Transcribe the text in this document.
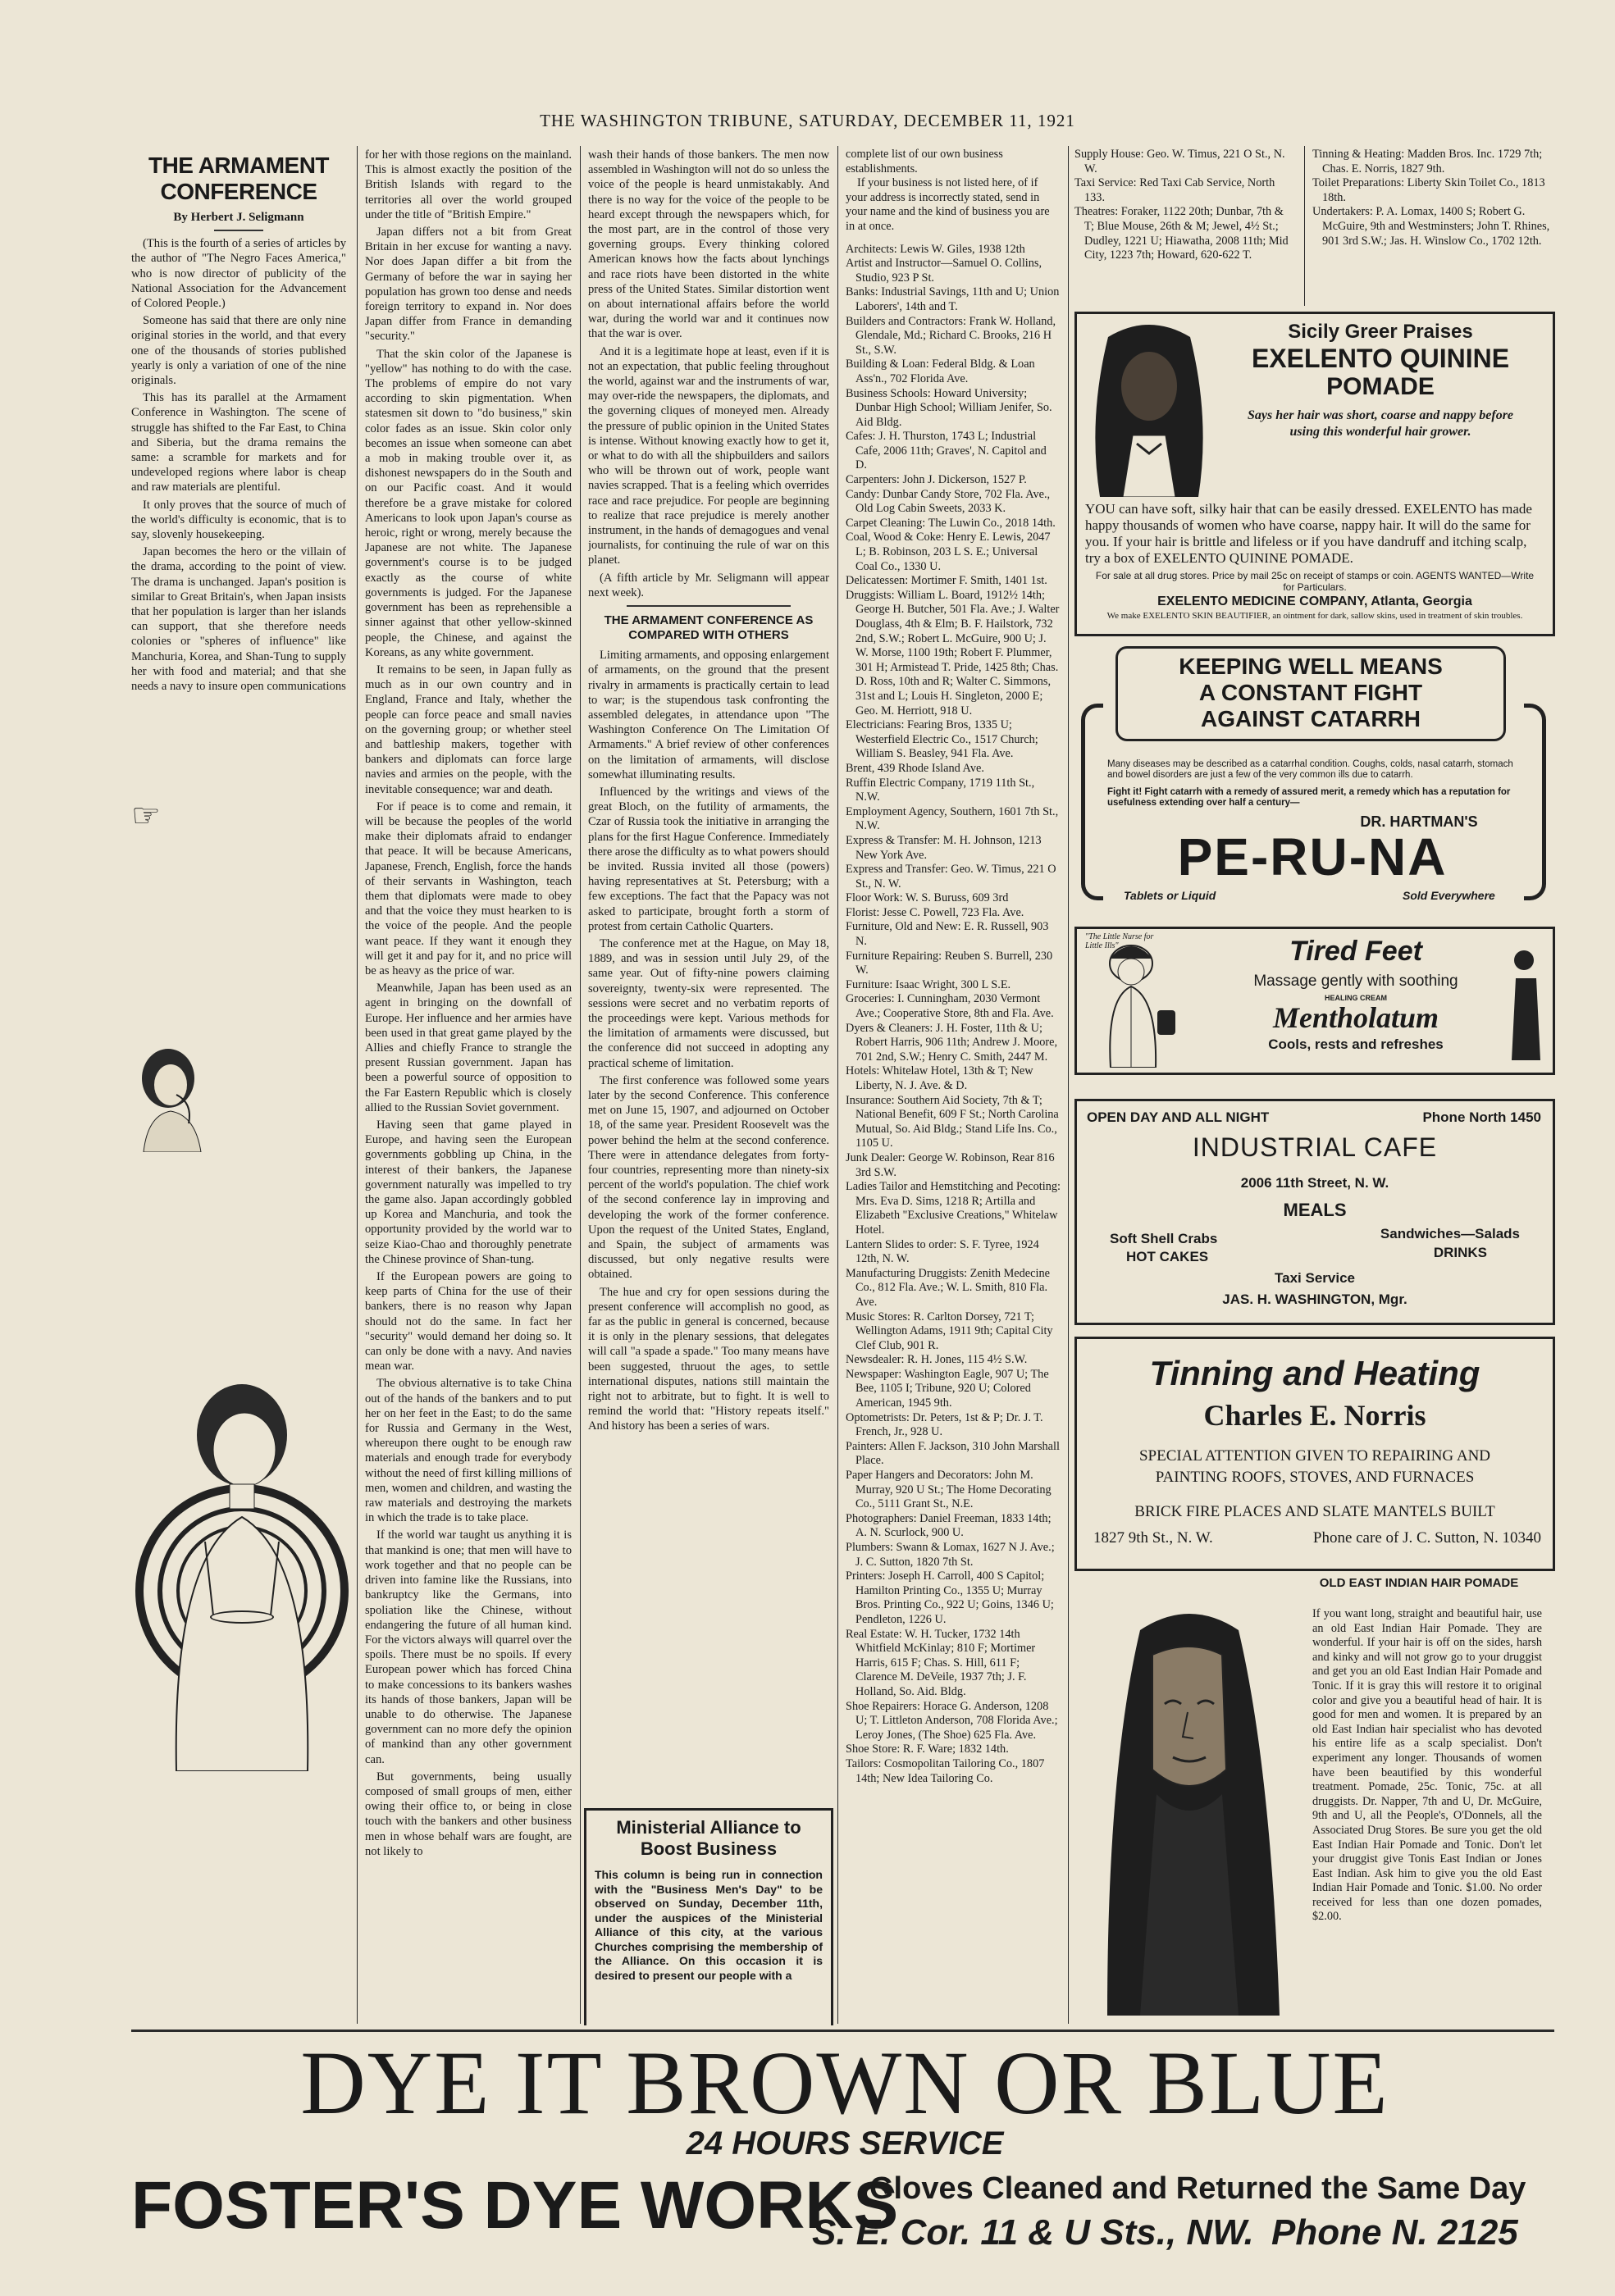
THE WASHINGTON TRIBUNE, SATURDAY, DECEMBER 11, 1921
THE ARMAMENT CONFERENCE
By Herbert J. Seligmann

(This is the fourth of a series of articles by the author of "The Negro Faces America," who is now director of publicity of the National Association for the Advancement of Colored People.)

Someone has said that there are only nine original stories in the world, and that every one of the thousands of stories published yearly is only a variation of one of the nine originals.

This has its parallel at the Armament Conference in Washington. The scene of struggle has shifted to the Far East, to China and Siberia, but the drama remains the same: a scramble for markets and for undeveloped regions where labor is cheap and raw materials are plentiful.

It only proves that the source of much of the world's difficulty is economic, that is to say, slovenly housekeeping.

Japan becomes the hero or the villain of the drama, according to the point of view. The drama is unchanged. Japan's position is similar to Great Britain's, when Japan insists that her population is larger than her islands can support, that she therefore needs colonies or "spheres of influence" like Manchuria, Korea, and Shan-Tung to supply her with food and material; and that she needs a navy to insure open communications

☞

for her with those regions on the mainland. This is almost exactly the position of the British Islands with regard to the territories all over the world grouped under the title of "British Empire."

Japan differs not a bit from Great Britain in her excuse for wanting a navy. Nor does Japan differ a bit from the Germany of before the war in saying her population has grown too dense and needs foreign territory to expand in. Nor does Japan differ from France in demanding "security."

That the skin color of the Japanese is "yellow" has nothing to do with the case. The problems of empire do not vary according to skin pigmentation. When statesmen sit down to "do business," skin color fades as an issue. Skin color only becomes an issue when someone can abet a mob in making trouble over it, as dishonest newspapers do in the South and on our Pacific coast. And it would therefore be a grave mistake for colored Americans to look upon Japan's course as heroic, right or wrong, merely because the Japanese are not white. The Japanese government's course is to be judged exactly as the course of white governments is judged. For the Japanese government has been as reprehensible a sinner against that other yellow-skinned people, the Chinese, and against the Koreans, as any white government.

It remains to be seen, in Japan fully as much as in our own country and in England, France and Italy, whether the people can force peace and small navies on the governing group; or whether steel and battleship makers, together with bankers and diplomats can force large navies and armies on the people, with the inevitable consequence; war and death.

For if peace is to come and remain, it will be because the peoples of the world make their diplomats afraid to endanger that peace. It will be because Americans, Japanese, French, English, force the hands of their servants in Washington, teach them that diplomats were made to obey and that the voice they must hearken to is the voice of the people. And the people want peace. If they want it enough they will get it and pay for it, and no price will be as heavy as the price of war.

Meanwhile, Japan has been used as an agent in bringing on the downfall of Europe. Her influence and her armies have been used in that great game played by the Allies and chiefly France to strangle the present Russian government. Japan has been a powerful source of opposition to the Far Eastern Republic which is closely allied to the Russian Soviet government.

Having seen that game played in Europe, and having seen the European governments gobbling up China, in the interest of their bankers, the Japanese government naturally was impelled to try the game also. Japan accordingly gobbled up Korea and Manchuria, and took the opportunity provided by the world war to seize Kiao-Chao and thoroughly penetrate the Chinese province of Shan-tung.

If the European powers are going to keep parts of China for the use of their bankers, there is no reason why Japan should not do the same. In fact her "security" would demand her doing so. It can only be done with a navy. And navies mean war.

The obvious alternative is to take China out of the hands of the bankers and to put her on her feet in the East; to do the same for Russia and Germany in the West, whereupon there ought to be enough raw materials and enough trade for everybody without the need of first killing millions of men, women and children, and wasting the raw materials and destroying the markets in which the trade is to take place.

If the world war taught us anything it is that mankind is one; that men will have to work together and that no people can be driven into famine like the Russians, into bankruptcy like the Germans, into spoliation like the Chinese, without endangering the future of all human kind. For the victors always will quarrel over the spoils. There must be no spoils. If every European power which has forced China to make concessions to its bankers washes its hands of those bankers, Japan will be unable to do otherwise. The Japanese government can no more defy the opinion of mankind than any other government can.

But governments, being usually composed of small groups of men, either owing their office to, or being in close touch with the bankers and other business men in whose behalf wars are fought, are not likely to

wash their hands of those bankers. The men now assembled in Washington will not do so unless the voice of the people is heard unmistakably. And there is no way for the voice of the people to be heard except through the newspapers which, for the most part, are in the control of those very governing groups. Every thinking colored American knows how the facts about lynchings and race riots have been distorted in the white press of the United States. Similar distortion went on about international affairs before the world war, during the world war and it continues now that the war is over.

And it is a legitimate hope at least, even if it is not an expectation, that public feeling throughout the world, against war and the instruments of war, may over-ride the newspapers, the diplomats, and the governing cliques of moneyed men. Already the pressure of public opinion in the United States is intense. Without knowing exactly how to get it, or what to do with all the shipbuilders and sailors who will be thrown out of work, people want navies scrapped. That is a feeling which overrides race and race prejudice. For people are beginning to realize that race prejudice is merely another instrument, in the hands of demagogues and venal journalists, for continuing the rule of war on this planet.

(A fifth article by Mr. Seligmann will appear next week).

THE ARMAMENT CONFERENCE AS COMPARED WITH OTHERS

Limiting armaments, and opposing enlargement of armaments, on the ground that the present rivalry in armaments is practically certain to lead to war; is the stupendous task confronting the assembled delegates, in attendance upon "The Washington Conference On The Limitation Of Armaments." A brief review of other conferences on the limitation of armaments, will disclose somewhat illuminating results.

Influenced by the writings and views of the great Bloch, on the futility of armaments, the Czar of Russia took the initiative in arranging the plans for the first Hague Conference. Immediately there arose the difficulty as to what powers should be invited. Russia invited all those (powers) having representatives at St. Petersburg; with a few exceptions. The fact that the Papacy was not asked to participate, brought forth a storm of protest from certain Catholic Quarters.

The conference met at the Hague, on May 18, 1889, and was in session until July 29, of the same year. Out of fifty-nine powers claiming sovereignty, twenty-six were represented. The sessions were secret and no verbatim reports of the proceedings were kept. Various methods for the limitation of armaments were discussed, but the conference did not succeed in adopting any practical scheme of limitation.

The first conference was followed some years later by the second Conference. This conference met on June 15, 1907, and adjourned on October 18, of the same year. President Roosevelt was the power behind the helm at the second conference. There were in attendance delegates from forty-four countries, representing more than ninety-six percent of the world's population. The chief work of the second conference lay in improving and developing the work of the former conference. Upon the request of the United States, England, and Spain, the subject of armaments was discussed, but only negative results were obtained.

The hue and cry for open sessions during the present conference will accomplish no good, as far as the public in general is concerned, because it is only in the plenary sessions, that delegates will call "a spade a spade." Too many means have been suggested, thruout the ages, to settle international disputes, nations still maintain the right not to arbitrate, but to fight. It is well to remind the world that: "History repeats itself." And history has been a series of wars.

Ministerial Alliance to Boost Business
This column is being run in connection with the "Business Men's Day" to be observed on Sunday, December 11th, under the auspices of the Ministerial Alliance of this city, at the various Churches comprising the membership of the Alliance. On this occasion it is desired to present our people with a

complete list of our own business establishments.

If your business is not listed here, of if your address is incorrectly stated, send in your name and the kind of business you are in at once.

Architects: Lewis W. Giles, 1938 12th

Artist and Instructor—Samuel O. Collins, Studio, 923 P St.

Banks: Industrial Savings, 11th and U; Union Laborers', 14th and T.

Builders and Contractors: Frank W. Holland, Glendale, Md.; Richard C. Brooks, 216 H St., S.W.

Building & Loan: Federal Bldg. & Loan Ass'n., 702 Florida Ave.

Business Schools: Howard University; Dunbar High School; William Jenifer, So. Aid Bldg.

Cafes: J. H. Thurston, 1743 L; Industrial Cafe, 2006 11th; Graves', N. Capitol and D.

Carpenters: John J. Dickerson, 1527 P.

Candy: Dunbar Candy Store, 702 Fla. Ave., Old Log Cabin Sweets, 2033 K.

Carpet Cleaning: The Luwin Co., 2018 14th.

Coal, Wood & Coke: Henry E. Lewis, 2047 L; B. Robinson, 203 L S. E.; Universal Coal Co., 1330 U.

Delicatessen: Mortimer F. Smith, 1401 1st.

Druggists: William L. Board, 1912½ 14th; George H. Butcher, 501 Fla. Ave.; J. Walter Douglass, 4th & Elm; B. F. Hailstork, 732 2nd, S.W.; Robert L. McGuire, 900 U; J. W. Morse, 1100 19th; Robert F. Plummer, 301 H; Armistead T. Pride, 1425 8th; Chas. D. Ross, 10th and R; Walter C. Simmons, 31st and L; Louis H. Singleton, 2000 E; Geo. M. Herriott, 918 U.

Electricians: Fearing Bros, 1335 U; Westerfield Electric Co., 1517 Church; William S. Beasley, 941 Fla. Ave.

Brent, 439 Rhode Island Ave.

Ruffin Electric Company, 1719 11th St., N.W.

Employment Agency, Southern, 1601 7th St., N.W.

Express & Transfer: M. H. Johnson, 1213 New York Ave.

Express and Transfer: Geo. W. Timus, 221 O St., N. W.

Floor Work: W. S. Buruss, 609 3rd

Florist: Jesse C. Powell, 723 Fla. Ave.

Furniture, Old and New: E. R. Russell, 903 N.

Furniture Repairing: Reuben S. Burrell, 230 W.

Furniture: Isaac Wright, 300 L S.E.

Groceries: I. Cunningham, 2030 Vermont Ave.; Cooperative Store, 8th and Fla. Ave.

Dyers & Cleaners: J. H. Foster, 11th & U; Robert Harris, 906 11th; Andrew J. Moore, 701 2nd, S.W.; Henry C. Smith, 2447 M.

Hotels: Whitelaw Hotel, 13th & T; New Liberty, N. J. Ave. & D.

Insurance: Southern Aid Society, 7th & T; National Benefit, 609 F St.; North Carolina Mutual, So. Aid Bldg.; Stand Life Ins. Co., 1105 U.

Junk Dealer: George W. Robinson, Rear 816 3rd S.W.

Ladies Tailor and Hemstitching and Pecoting: Mrs. Eva D. Sims, 1218 R; Artilla and Elizabeth "Exclusive Creations," Whitelaw Hotel.

Lantern Slides to order: S. F. Tyree, 1924 12th, N. W.

Manufacturing Druggists: Zenith Medecine Co., 812 Fla. Ave.; W. L. Smith, 810 Fla. Ave.

Music Stores: R. Carlton Dorsey, 721 T; Wellington Adams, 1911 9th; Capital City Clef Club, 901 R.

Newsdealer: R. H. Jones, 115 4½ S.W.

Newspaper: Washington Eagle, 907 U; The Bee, 1105 I; Tribune, 920 U; Colored American, 1945 9th.

Optometrists: Dr. Peters, 1st & P; Dr. J. T. French, Jr., 928 U.

Painters: Allen F. Jackson, 310 John Marshall Place.

Paper Hangers and Decorators: John M. Murray, 920 U St.; The Home Decorating Co., 5111 Grant St., N.E.

Photographers: Daniel Freeman, 1833 14th; A. N. Scurlock, 900 U.

Plumbers: Swann & Lomax, 1627 N J. Ave.; J. C. Sutton, 1820 7th St.

Printers: Joseph H. Carroll, 400 S Capitol; Hamilton Printing Co., 1355 U; Murray Bros. Printing Co., 922 U; Goins, 1346 U; Pendleton, 1226 U.

Real Estate: W. H. Tucker, 1732 14th Whitfield McKinlay; 810 F; Mortimer Harris, 615 F; Chas. S. Hill, 611 F; Clarence M. DeVeile, 1937 7th; J. F. Holland, So. Aid. Bldg.

Shoe Repairers: Horace G. Anderson, 1208 U; T. Littleton Anderson, 708 Florida Ave.; Leroy Jones, (The Shoe) 625 Fla. Ave.

Shoe Store: R. F. Ware; 1832 14th.

Tailors: Cosmopolitan Tailoring Co., 1807 14th; New Idea Tailoring Co.

Supply House: Geo. W. Timus, 221 O St., N. W.

Taxi Service: Red Taxi Cab Service, North 133.

Theatres: Foraker, 1122 20th; Dunbar, 7th & T; Blue Mouse, 26th & M; Jewel, 4½ St.; Dudley, 1221 U; Hiawatha, 2008 11th; Mid City, 1223 7th; Howard, 620-622 T.

Tinning & Heating: Madden Bros. Inc. 1729 7th; Chas. E. Norris, 1827 9th.

Toilet Preparations: Liberty Skin Toilet Co., 1813 18th.

Undertakers: P. A. Lomax, 1400 S; Robert G. McGuire, 9th and Westminsters; John T. Rhines, 901 3rd S.W.; Jas. H. Winslow Co., 1702 12th.

Sicily Greer Praises
EXELENTO QUININE
POMADE
Says her hair was short, coarse and nappy before using this wonderful hair grower.
YOU can have soft, silky hair that can be easily dressed. EXELENTO has made happy thousands of women who have coarse, nappy hair. It will do the same for you. If your hair is brittle and lifeless or if you have dandruff and itching scalp, try a box of EXELENTO QUININE POMADE.
For sale at all drug stores. Price by mail 25c on receipt of stamps or coin. AGENTS WANTED—Write for Particulars.
EXELENTO MEDICINE COMPANY, Atlanta, Georgia
We make EXELENTO SKIN BEAUTIFIER, an ointment for dark, sallow skins, used in treatment of skin troubles.
KEEPING WELL MEANS
A CONSTANT FIGHT
AGAINST CATARRH
Many diseases may be described as a catarrhal condition. Coughs, colds, nasal catarrh, stomach and bowel disorders are just a few of the very common ills due to catarrh.
Fight it! Fight catarrh with a remedy of assured merit, a remedy which has a reputation for usefulness extending over half a century—
DR. HARTMAN'S
PE-RU-NA
Tablets or Liquid	Sold Everywhere
"The Little Nurse for Little Ills"	Tired Feet
Massage gently with soothing
HEALING CREAM
Mentholatum
Cools, rests and refreshes
OPEN DAY AND ALL NIGHT	Phone North 1450
INDUSTRIAL CAFE
2006 11th Street, N. W.
MEALS
Soft Shell Crabs	Sandwiches—Salads
HOT CAKES	DRINKS
Taxi Service
JAS. H. WASHINGTON, Mgr.
Tinning and Heating
Charles E. Norris
SPECIAL ATTENTION GIVEN TO REPAIRING AND
PAINTING ROOFS, STOVES, AND FURNACES
BRICK FIRE PLACES AND SLATE MANTELS BUILT
1827 9th St., N. W.	Phone care of J. C. Sutton, N. 10340
OLD EAST INDIAN HAIR POMADE
If you want long, straight and beautiful hair, use an old East Indian Hair Pomade. They are wonderful. If your hair is off on the sides, harsh and kinky and will not grow go to your druggist and get you an old East Indian Hair Pomade and Tonic. If it is gray this will restore it to original color and give you a beautiful head of hair. It is good for men and women. It is prepared by an old East Indian hair specialist who has devoted his entire life as a scalp specialist. Don't experiment any longer. Thousands of women have been beautified by this wonderful treatment. Pomade, 25c. Tonic, 75c. at all druggists. Dr. Napper, 7th and U, Dr. McGuire, 9th and U, all the People's, O'Donnels, all the Associated Drug Stores. Be sure you get the old East Indian Hair Pomade and Tonic. Don't let your druggist give Tonis East Indian or Jones East Indian. Ask him to give you the old East Indian Hair Pomade and Tonic. $1.00. No order received for less than one dozen pomades, $2.00.
DYE IT BROWN OR BLUE
24 HOURS SERVICE
FOSTER'S DYE WORKS
Gloves Cleaned and Returned the Same Day
S. E. Cor. 11 & U Sts., NW. Phone N. 2125
